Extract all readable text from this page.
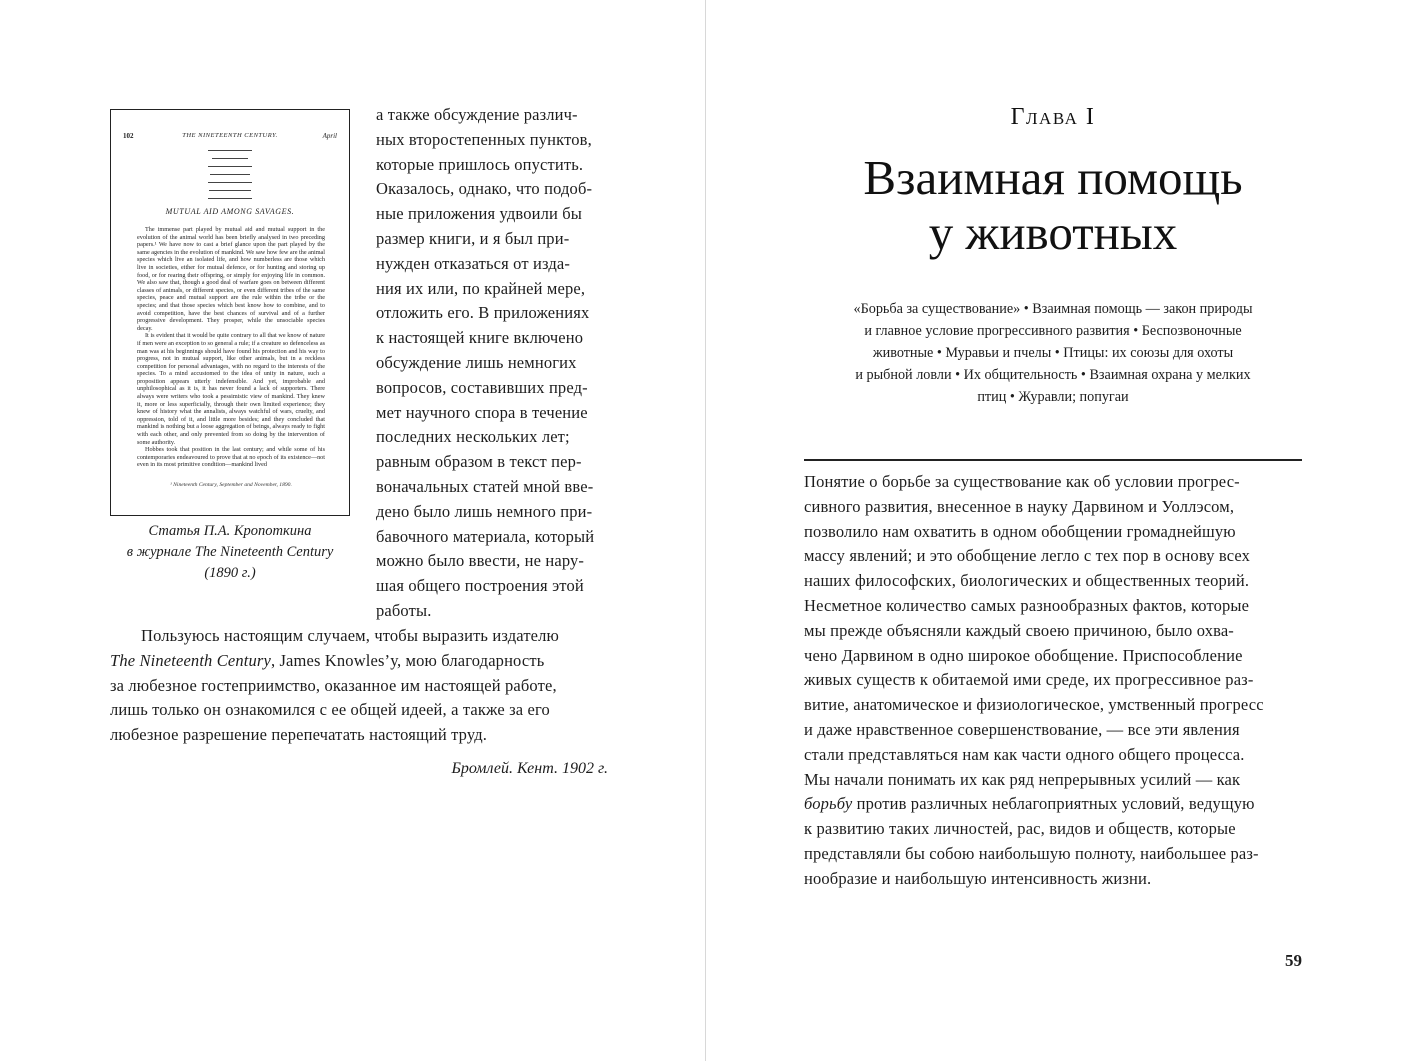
102	THE NINETEENTH CENTURY.	April
MUTUAL AID AMONG SAVAGES.

The immense part played by mutual aid and mutual support in the evolution of the animal world has been briefly analysed in two preceding papers.¹ We have now to cast a brief glance upon the part played by the same agencies in the evolution of mankind. We saw how few are the animal species which live an isolated life, and how numberless are those which live in societies, either for mutual defence, or for hunting and storing up food, or for rearing their offspring, or simply for enjoying life in common. We also saw that, though a good deal of warfare goes on between different classes of animals, or different species, or even different tribes of the same species, peace and mutual support are the rule within the tribe or the species; and that those species which best know how to combine, and to avoid competition, have the best chances of survival and of a further progressive development. They prosper, while the unsociable species decay.

It is evident that it would be quite contrary to all that we know of nature if men were an exception to so general a rule; if a creature so defenceless as man was at his beginnings should have found his protection and his way to progress, not in mutual support, like other animals, but in a reckless competition for personal advantages, with no regard to the interests of the species. To a mind accustomed to the idea of unity in nature, such a proposition appears utterly indefensible. And yet, improbable and unphilosophical as it is, it has never found a lack of supporters. There always were writers who took a pessimistic view of mankind. They knew it, more or less superficially, through their own limited experience; they knew of history what the annalists, always watchful of wars, cruelty, and oppression, told of it, and little more besides; and they concluded that mankind is nothing but a loose aggregation of beings, always ready to fight with each other, and only prevented from so doing by the intervention of some authority.

Hobbes took that position in the last century; and while some of his contemporaries endeavoured to prove that at no epoch of its existence—not even in its most primitive condition—mankind lived

¹ Nineteenth Century, September and November, 1890.
Статья П.А. Кропоткина
в журнале The Nineteenth Century
(1890 г.)
а также обсуждение различ-
ных второстепенных пунктов,
которые пришлось опустить.
Оказалось, однако, что подоб-
ные приложения удвоили бы
размер книги, и я был при-
нужден отказаться от изда-
ния их или, по крайней мере,
отложить его. В приложениях
к настоящей книге включено
обсуждение лишь немногих
вопросов, составивших пред-
мет научного спора в течение
последних нескольких лет;
равным образом в текст пер-
воначальных статей мной вве-
дено было лишь немного при-
бавочного материала, который
можно было ввести, не нару-
шая общего построения этой
работы.
Пользуюсь настоящим случаем, чтобы выразить издателю
The Nineteenth Century, James Knowles’у, мою благодарность
за любезное гостеприимство, оказанное им настоящей работе,
лишь только он ознакомился с ее общей идеей, а также за его
любезное разрешение перепечатать настоящий труд.
Бромлей. Кент. 1902 г.
Глава I
Взаимная помощь
у животных
«Борьба за существование» • Взаимная помощь — закон природы
и главное условие прогрессивного развития • Беспозвоночные
животные • Муравьи и пчелы • Птицы: их союзы для охоты
и рыбной ловли • Их общительность • Взаимная охрана у мелких
птиц • Журавли; попугаи
Понятие о борьбе за существование как об условии прогрес-
сивного развития, внесенное в науку Дарвином и Уоллэсом,
позволило нам охватить в одном обобщении громаднейшую
массу явлений; и это обобщение легло с тех пор в основу всех
наших философских, биологических и общественных теорий.
Несметное количество самых разнообразных фактов, которые
мы прежде объясняли каждый своею причиною, было охва-
чено Дарвином в одно широкое обобщение. Приспособление
живых существ к обитаемой ими среде, их прогрессивное раз-
витие, анатомическое и физиологическое, умственный прогресс
и даже нравственное совершенствование, — все эти явления
стали представляться нам как части одного общего процесса.
Мы начали понимать их как ряд непрерывных усилий — как
борьбу против различных неблагоприятных условий, ведущую
к развитию таких личностей, рас, видов и обществ, которые
представляли бы собою наибольшую полноту, наибольшее раз-
нообразие и наибольшую интенсивность жизни.
59
